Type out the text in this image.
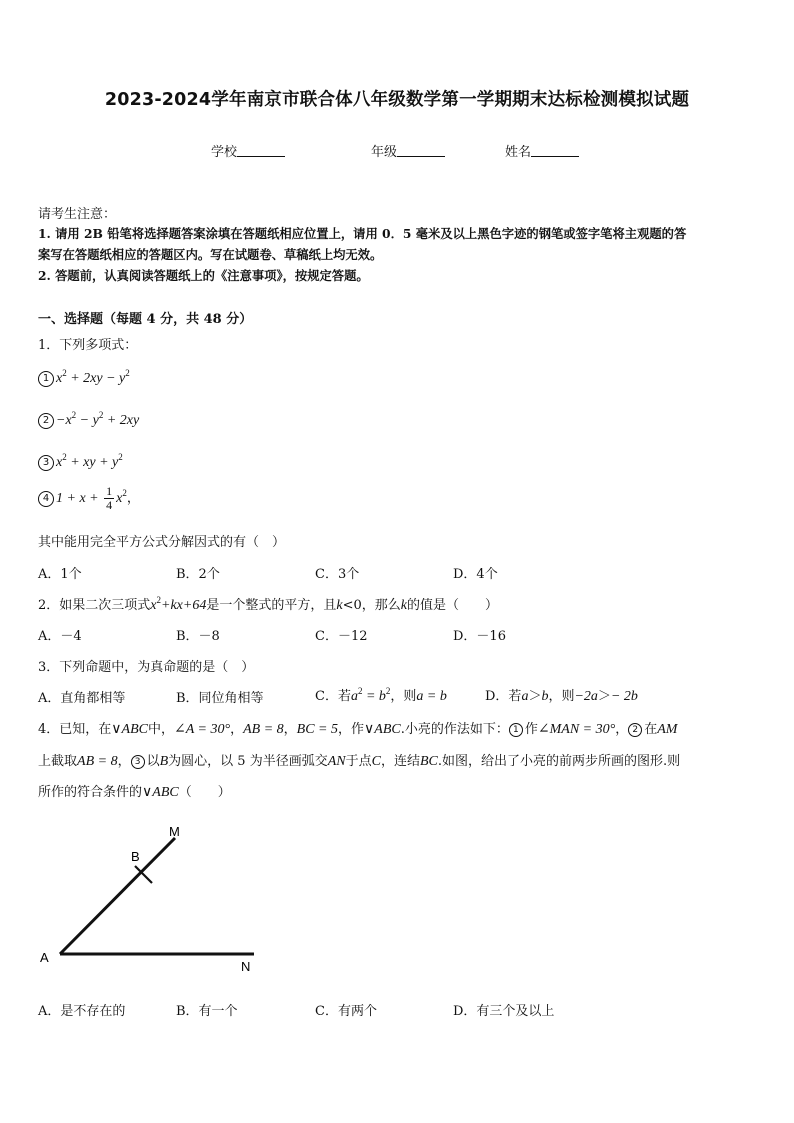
2023-2024学年南京市联合体八年级数学第一学期期末达标检测模拟试题
学校	年级	姓名
请考生注意：
1. 请用 2B 铅笔将选择题答案涂填在答题纸相应位置上，请用 0．5 毫米及以上黑色字迹的钢笔或签字笔将主观题的答
案写在答题纸相应的答题区内。写在试题卷、草稿纸上均无效。
2. 答题前，认真阅读答题纸上的《注意事项》，按规定答题。
一、选择题（每题 4 分，共 48 分）
1．下列多项式：
1 $x^2 + 2xy - y^2$
$2 -x^2 - y^2 + 2xy$
3 $x^2$ + xy + $y^2$
4 $1 + x + \frac{1}{4} x^2$，
其中能用完全平方公式分解因式的有（　）
A．1个	B．2个	C．3个	D．4个
2．如果二次三项式$x^2+kx+64$是一个整式的平方，且k<0，那么k的值是（　　）
A．－4	B．－8	C．－12	D．－16
3．下列命题中，为真命题的是（　）
A．直角都相等	B．同位角相等	C．若$a^2 = b^2$，则a = b	D．若a＞b，则−2a＞− 2b
4．已知，在∨ABC中，∠A = 30°，AB = 8，BC = 5，作∨ABC.小亮的作法如下： 1 作∠MAN = 30°， 2 在AM
上截取AB = 8， 3 以B为圆心，以 5 为半径画弧交AN于点C，连结BC.如图，给出了小亮的前两步所画的图形.则
所作的符合条件的∨ABC（　　）
M
B
A
N
A．是不存在的	B．有一个	C．有两个	D．有三个及以上
